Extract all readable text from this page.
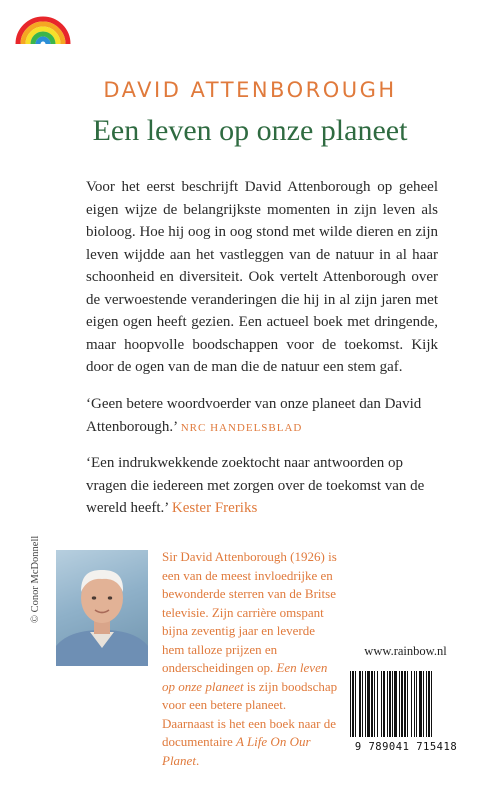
DAVID ATTENBOROUGH
Een leven op onze planeet

Voor het eerst beschrijft David Attenborough op geheel eigen wijze de belangrijkste momenten in zijn leven als bioloog. Hoe hij oog in oog stond met wilde dieren en zijn leven wijdde aan het vastleggen van de natuur in al haar schoonheid en diversiteit. Ook vertelt Attenborough over de verwoestende veranderingen die hij in al zijn jaren met eigen ogen heeft gezien. Een actueel boek met dringende, maar hoopvolle boodschappen voor de toekomst. Kijk door de ogen van de man die de natuur een stem gaf.

‘Geen betere woordvoerder van onze planeet dan David Attenborough.’ NRC HANDELSBLAD

‘Een indrukwekkende zoektocht naar antwoorden op vragen die iedereen met zorgen over de toekomst van de wereld heeft.’ Kester Freriks

© Conor McDonnell	Sir David Attenborough (1926) is een van de meest invloedrijke en bewonderde sterren van de Britse televisie. Zijn carrière omspant bijna zeventig jaar en leverde hem talloze prijzen en onderscheidingen op. Een leven op onze planeet is zijn boodschap voor een betere planeet. Daarnaast is het een boek naar de documentaire A Life On Our Planet.

www.rainbow.nl
9 789041 715418
